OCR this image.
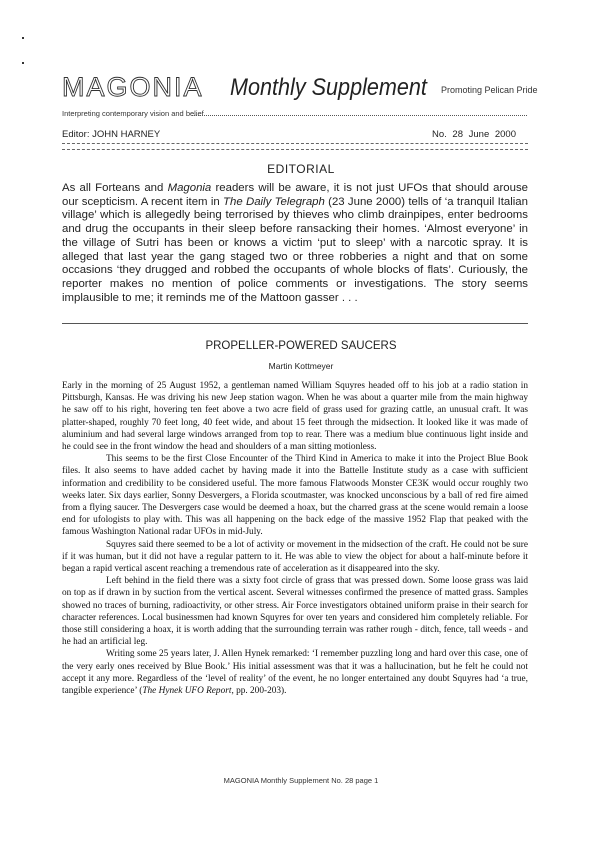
MAGONIA Monthly Supplement Promoting Pelican Pride
Interpreting contemporary vision and belief
Editor: JOHN HARNEY	No. 28 June 2000
EDITORIAL
As all Forteans and Magonia readers will be aware, it is not just UFOs that should arouse our scepticism. A recent item in The Daily Telegraph (23 June 2000) tells of ‘a tranquil Italian village’ which is allegedly being terrorised by thieves who climb drainpipes, enter bedrooms and drug the occupants in their sleep before ransacking their homes. ‘Almost everyone’ in the village of Sutri has been or knows a victim ‘put to sleep’ with a narcotic spray. It is alleged that last year the gang staged two or three robberies a night and that on some occasions ‘they drugged and robbed the occupants of whole blocks of flats’. Curiously, the reporter makes no mention of police comments or investigations. The story seems implausible to me; it reminds me of the Mattoon gasser . . .
PROPELLER-POWERED SAUCERS
Martin Kottmeyer

Early in the morning of 25 August 1952, a gentleman named William Squyres headed off to his job at a radio station in Pittsburgh, Kansas. He was driving his new Jeep station wagon. When he was about a quarter mile from the main highway he saw off to his right, hovering ten feet above a two acre field of grass used for grazing cattle, an unusual craft. It was platter-shaped, roughly 70 feet long, 40 feet wide, and about 15 feet through the midsection. It looked like it was made of aluminium and had several large windows arranged from top to rear. There was a medium blue continuous light inside and he could see in the front window the head and shoulders of a man sitting motionless.

This seems to be the first Close Encounter of the Third Kind in America to make it into the Project Blue Book files. It also seems to have added cachet by having made it into the Battelle Institute study as a case with sufficient information and credibility to be considered useful. The more famous Flatwoods Monster CE3K would occur roughly two weeks later. Six days earlier, Sonny Desvergers, a Florida scoutmaster, was knocked unconscious by a ball of red fire aimed from a flying saucer. The Desvergers case would be deemed a hoax, but the charred grass at the scene would remain a loose end for ufologists to play with. This was all happening on the back edge of the massive 1952 Flap that peaked with the famous Washington National radar UFOs in mid-July.

Squyres said there seemed to be a lot of activity or movement in the midsection of the craft. He could not be sure if it was human, but it did not have a regular pattern to it. He was able to view the object for about a half-minute before it began a rapid vertical ascent reaching a tremendous rate of acceleration as it disappeared into the sky.

Left behind in the field there was a sixty foot circle of grass that was pressed down. Some loose grass was laid on top as if drawn in by suction from the vertical ascent. Several witnesses confirmed the presence of matted grass. Samples showed no traces of burning, radioactivity, or other stress. Air Force investigators obtained uniform praise in their search for character references. Local businessmen had known Squyres for over ten years and considered him completely reliable. For those still considering a hoax, it is worth adding that the surrounding terrain was rather rough - ditch, fence, tall weeds - and he had an artificial leg.

Writing some 25 years later, J. Allen Hynek remarked: ‘I remember puzzling long and hard over this case, one of the very early ones received by Blue Book.’ His initial assessment was that it was a hallucination, but he felt he could not accept it any more. Regardless of the ‘level of reality’ of the event, he no longer entertained any doubt Squyres had ‘a true, tangible experience’ (The Hynek UFO Report, pp. 200-203).

MAGONIA Monthly Supplement No. 28 page 1
